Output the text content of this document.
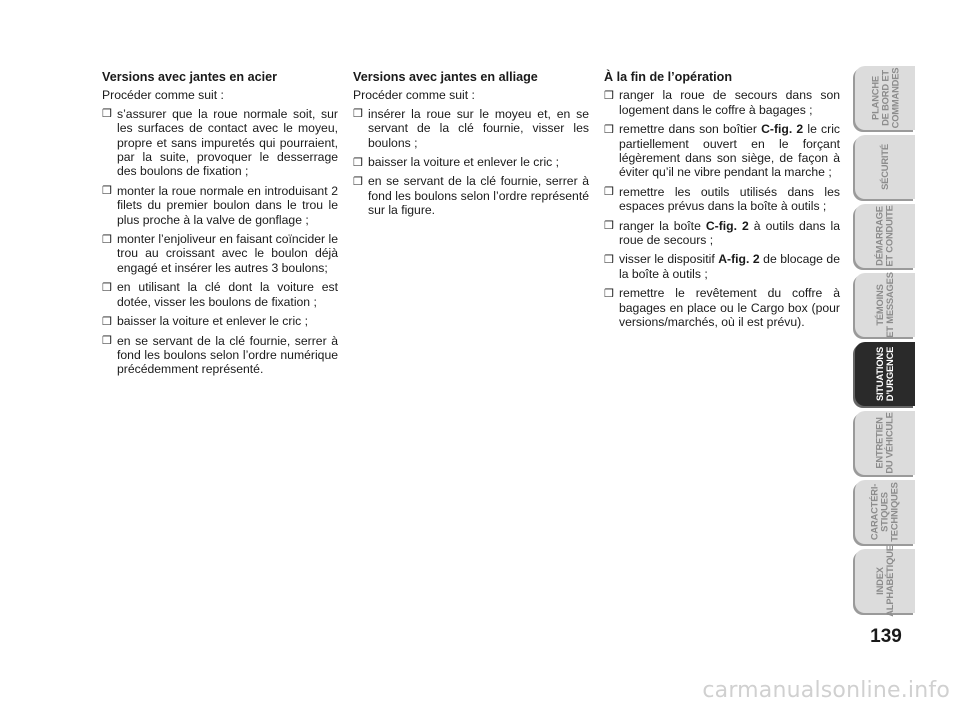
Versions avec jantes en acier

Procéder comme suit :

❒ s’assurer que la roue normale soit, sur les surfaces de contact avec le moyeu, propre et sans impuretés qui pourraient, par la suite, provoquer le desserrage des boulons de fixation ;
❒ monter la roue normale en introduisant 2 filets du premier boulon dans le trou le plus proche à la valve de gonflage ;
❒ monter l’enjoliveur en faisant coïncider le trou au croissant avec le boulon déjà engagé et insérer les autres 3 boulons;
❒ en utilisant la clé dont la voiture est dotée, visser les boulons de fixation ;
❒ baisser la voiture et enlever le cric ;
❒ en se servant de la clé fournie, serrer à fond les boulons selon l’ordre numérique précédemment représenté.

Versions avec jantes en alliage

Procéder comme suit :

❒ insérer la roue sur le moyeu et, en se servant de la clé fournie, visser les boulons ;
❒ baisser la voiture et enlever le cric ;
❒ en se servant de la clé fournie, serrer à fond les boulons selon l’ordre représenté sur la figure.

À la fin de l’opération

❒ ranger la roue de secours dans son logement dans le coffre à bagages ;
❒ remettre dans son boîtier C-fig. 2 le cric partiellement ouvert en le forçant légèrement dans son siège, de façon à éviter qu’il ne vibre pendant la marche ;
❒ remettre les outils utilisés dans les espaces prévus dans la boîte à outils ;
❒ ranger la boîte C-fig. 2 à outils dans la roue de secours ;
❒ visser le dispositif A-fig. 2 de blocage de la boîte à outils ;
❒ remettre le revêtement du coffre à bagages en place ou le Cargo box (pour versions/marchés, où il est prévu).
PLANCHE
DE BORD ET
COMMANDES
SÉCURITÉ
DÉMARRAGE
ET CONDUITE
TÉMOINS
ET MESSAGES
SITUATIONS
D’URGENCE
ENTRETIEN
DU VÉHICULE
CARACTÉRI-
STIQUES
TECHNIQUES
INDEX
ALPHABÉTIQUE
139
carmanualsonline.info
